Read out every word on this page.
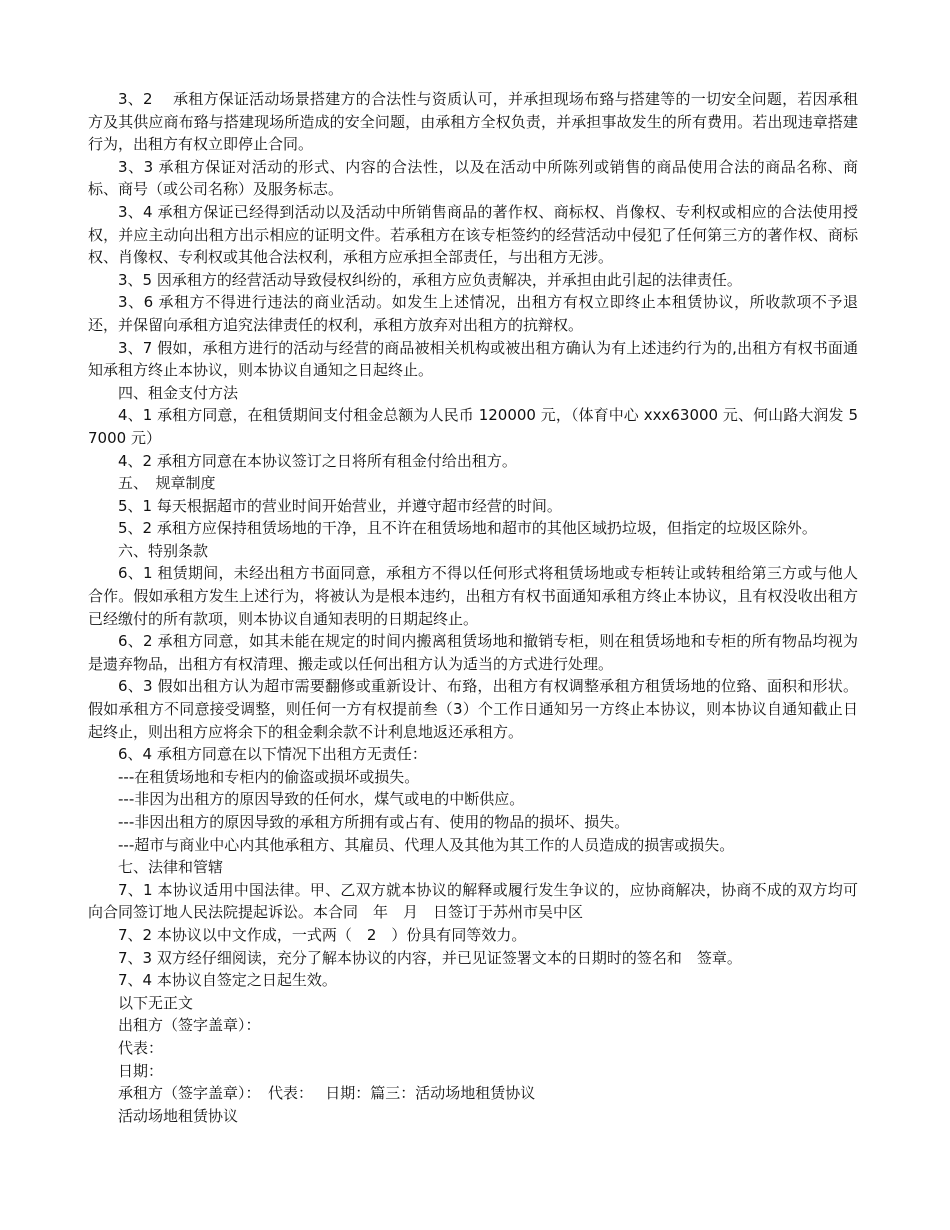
3、2　 承租方保证活动场景搭建方的合法性与资质认可，并承担现场布臵与搭建等的一切安全问题，若因承租方及其供应商布臵与搭建现场所造成的安全问题，由承租方全权负责，并承担事故发生的所有费用。若出现违章搭建行为，出租方有权立即停止合同。

3、3 承租方保证对活动的形式、内容的合法性，以及在活动中所陈列或销售的商品使用合法的商品名称、商标、商号（或公司名称）及服务标志。

3、4 承租方保证已经得到活动以及活动中所销售商品的著作权、商标权、肖像权、专利权或相应的合法使用授权，并应主动向出租方出示相应的证明文件。若承租方在该专柜签约的经营活动中侵犯了任何第三方的著作权、商标权、肖像权、专利权或其他合法权利，承租方应承担全部责任，与出租方无涉。

3、5 因承租方的经营活动导致侵权纠纷的，承租方应负责解决，并承担由此引起的法律责任。

3、6 承租方不得进行违法的商业活动。如发生上述情况，出租方有权立即终止本租赁协议，所收款项不予退还，并保留向承租方追究法律责任的权利，承租方放弃对出租方的抗辩权。

3、7 假如，承租方进行的活动与经营的商品被相关机构或被出租方确认为有上述违约行为的,出租方有权书面通知承租方终止本协议，则本协议自通知之日起终止。

四、租金支付方法

4、1 承租方同意，在租赁期间支付租金总额为人民币 120000 元，（体育中心 xxx63000 元、何山路大润发 57000 元）

4、2 承租方同意在本协议签订之日将所有租金付给出租方。

五、　规章制度

5、1 每天根据超市的营业时间开始营业，并遵守超市经营的时间。

5、2 承租方应保持租赁场地的干净，且不许在租赁场地和超市的其他区域扔垃圾，但指定的垃圾区除外。

六、特别条款

6、1 租赁期间，未经出租方书面同意，承租方不得以任何形式将租赁场地或专柜转让或转租给第三方或与他人合作。假如承租方发生上述行为，将被认为是根本违约，出租方有权书面通知承租方终止本协议，且有权没收出租方已经缴付的所有款项，则本协议自通知表明的日期起终止。

6、2 承租方同意，如其未能在规定的时间内搬离租赁场地和撤销专柜，则在租赁场地和专柜的所有物品均视为是遗弃物品，出租方有权清理、搬走或以任何出租方认为适当的方式进行处理。

6、3 假如出租方认为超市需要翻修或重新设计、布臵，出租方有权调整承租方租赁场地的位臵、面积和形状。假如承租方不同意接受调整，则任何一方有权提前叁（3）个工作日通知另一方终止本协议，则本协议自通知截止日起终止，则出租方应将余下的租金剩余款不计利息地返还承租方。

6、4 承租方同意在以下情况下出租方无责任：

---在租赁场地和专柜内的偷盗或损坏或损失。

---非因为出租方的原因导致的任何水，煤气或电的中断供应。

---非因出租方的原因导致的承租方所拥有或占有、使用的物品的损坏、损失。

---超市与商业中心内其他承租方、其雇员、代理人及其他为其工作的人员造成的损害或损失。

七、法律和管辖

7、1 本协议适用中国法律。甲、乙双方就本协议的解释或履行发生争议的，应协商解决，协商不成的双方均可向合同签订地人民法院提起诉讼。本合同　年　月　日签订于苏州市吴中区

7、2 本协议以中文作成，一式两（　2　）份具有同等效力。

7、3 双方经仔细阅读，充分了解本协议的内容，并已见证签署文本的日期时的签名和　签章。

7、4 本协议自签定之日起生效。

以下无正文

出租方（签字盖章）：

代表：

日期：

承租方（签字盖章）：　代表：　 日期：篇三：活动场地租赁协议

活动场地租赁协议
